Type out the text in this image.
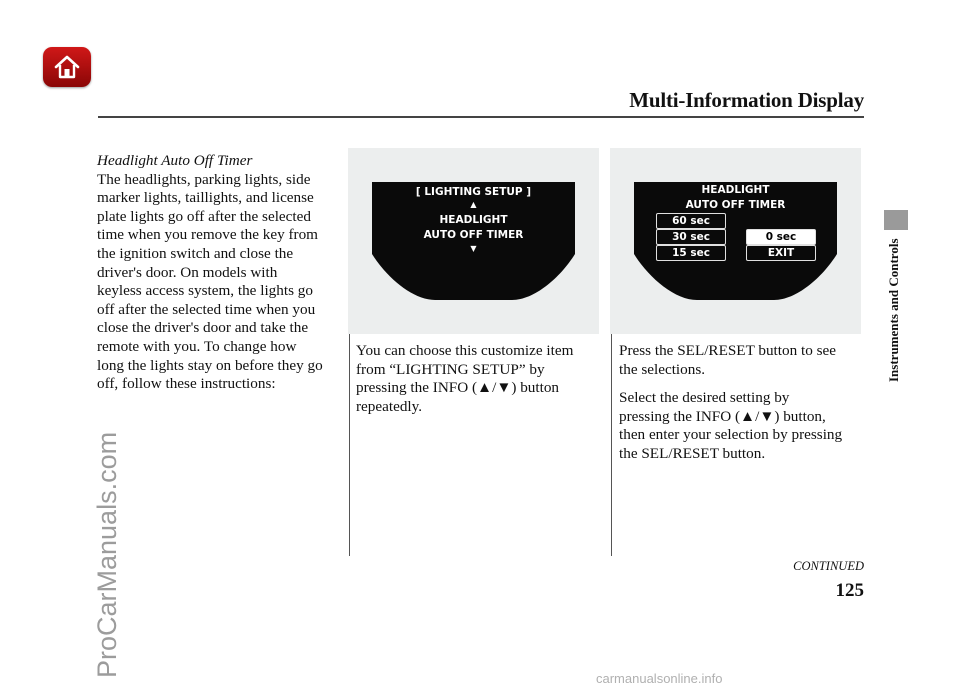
Multi-Information Display
Instruments and Controls
ProCarManuals.com
Headlight Auto Off Timer
The headlights, parking lights, side
marker lights, taillights, and license
plate lights go off after the selected
time when you remove the key from
the ignition switch and close the
driver's door. On models with
keyless access system, the lights go
off after the selected time when you
close the driver's door and take the
remote with you. To change how
long the lights stay on before they go
off, follow these instructions:
[ LIGHTING SETUP ]
▲
HEADLIGHT
AUTO OFF TIMER
▼

You can choose this customize item
from “LIGHTING SETUP” by
pressing the INFO (▲/▼) button
repeatedly.

HEADLIGHT
AUTO OFF TIMER
60 sec
30 sec
15 sec
0 sec
EXIT

Press the SEL/RESET button to see
the selections.

Select the desired setting by
pressing the INFO (▲/▼) button,
then enter your selection by pressing
the SEL/RESET button.

CONTINUED
125
carmanualsonline.info
